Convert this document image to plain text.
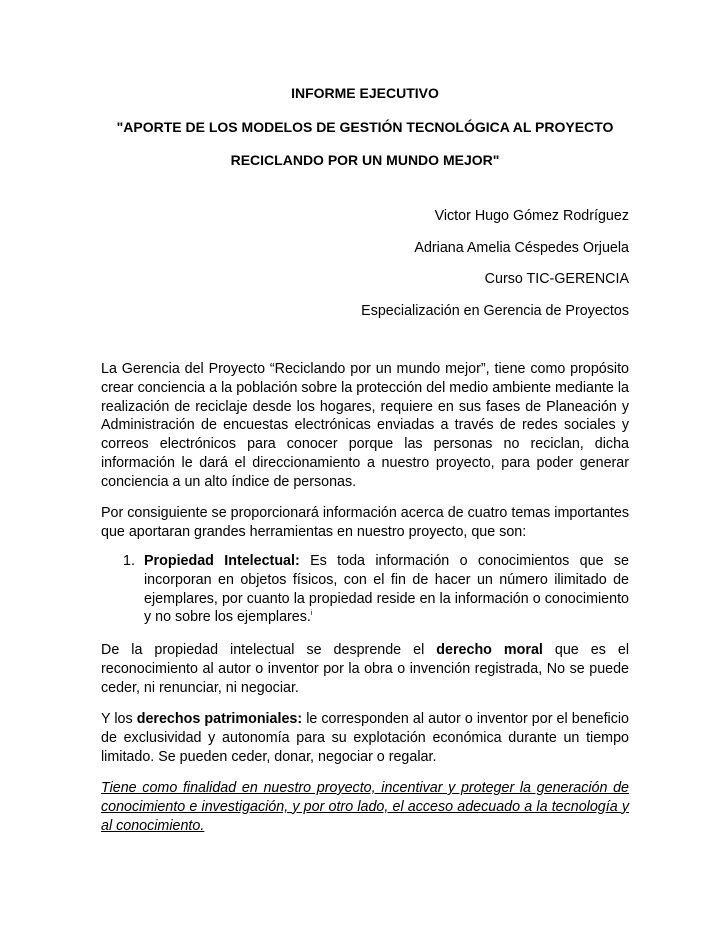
INFORME EJECUTIVO
"APORTE DE LOS MODELOS DE GESTIÓN TECNOLÓGICA AL PROYECTO
RECICLANDO POR UN MUNDO MEJOR"
Victor Hugo Gómez Rodríguez
Adriana Amelia Céspedes Orjuela
Curso TIC-GERENCIA
Especialización en Gerencia de Proyectos

La Gerencia del Proyecto “Reciclando por un mundo mejor”, tiene como propósito crear conciencia a la población sobre la protección del medio ambiente mediante la realización de reciclaje desde los hogares, requiere en sus fases de Planeación y Administración de encuestas electrónicas enviadas a través de redes sociales y correos electrónicos para conocer porque las personas no reciclan, dicha información le dará el direccionamiento a nuestro proyecto, para poder generar conciencia a un alto índice de personas.

Por consiguiente se proporcionará información acerca de cuatro temas importantes que aportaran grandes herramientas en nuestro proyecto, que son:

1. Propiedad Intelectual: Es toda información o conocimientos que se incorporan en objetos físicos, con el fin de hacer un número ilimitado de ejemplares, por cuanto la propiedad reside en la información o conocimiento y no sobre los ejemplares.$^i$

De la propiedad intelectual se desprende el derecho moral que es el reconocimiento al autor o inventor por la obra o invención registrada, No se puede ceder, ni renunciar, ni negociar.

Y los derechos patrimoniales: le corresponden al autor o inventor por el beneficio de exclusividad y autonomía para su explotación económica durante un tiempo limitado. Se pueden ceder, donar, negociar o regalar.

Tiene como finalidad en nuestro proyecto, incentivar y proteger la generación de conocimiento e investigación, y por otro lado, el acceso adecuado a la tecnología y al conocimiento.
